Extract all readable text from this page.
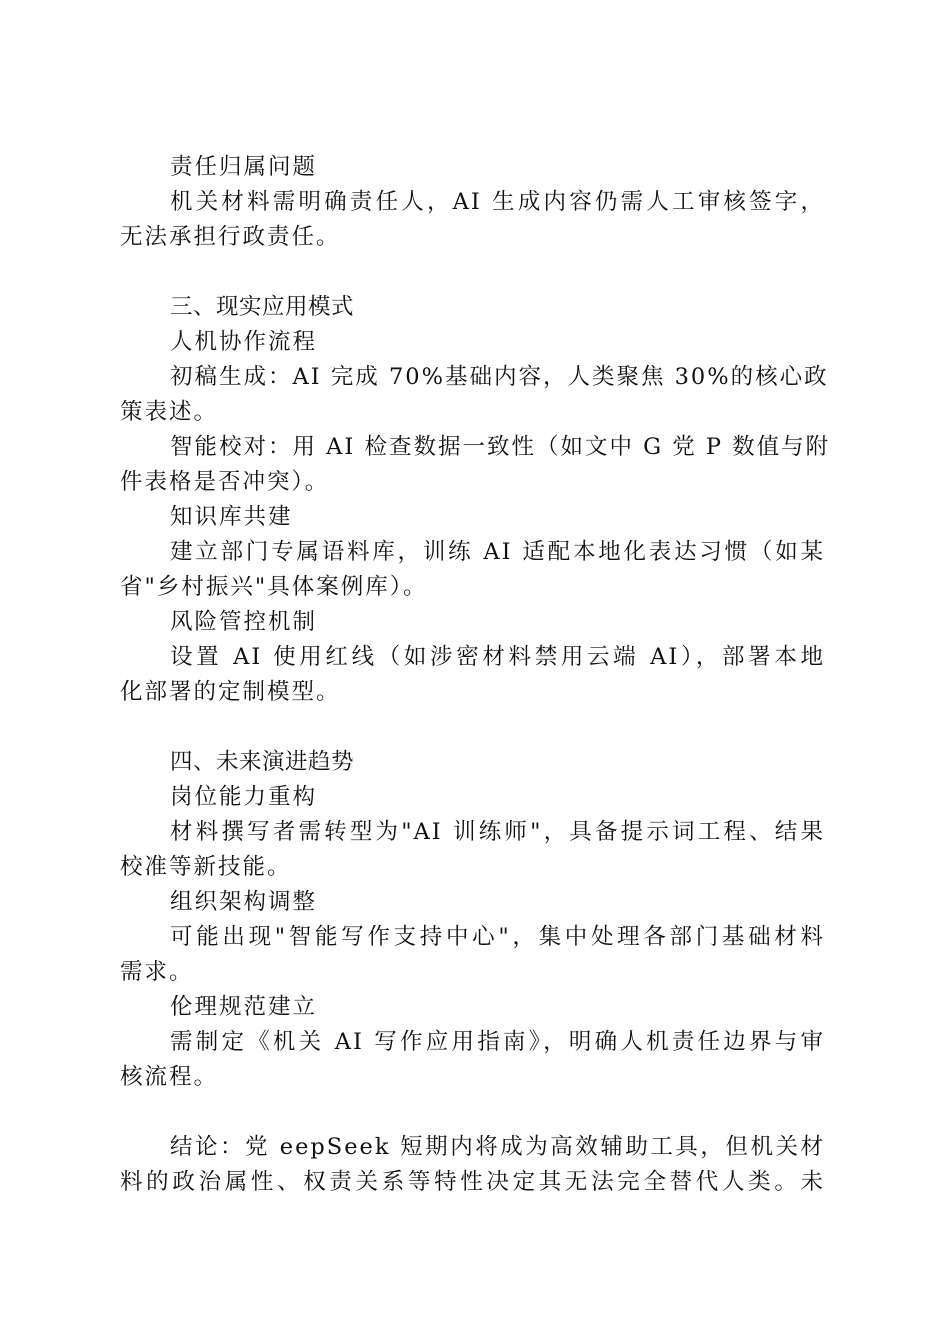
责任归属问题

机关材料需明确责任人，AI 生成内容仍需人工审核签字，

无法承担行政责任。

三、现实应用模式

人机协作流程

初稿生成：AI 完成 70%基础内容，人类聚焦 30%的核心政

策表述。

智能校对：用 AI 检查数据一致性（如文中 G 党 P 数值与附

件表格是否冲突）。

知识库共建

建立部门专属语料库，训练 AI 适配本地化表达习惯（如某

省"乡村振兴"具体案例库）。

风险管控机制

设置 AI 使用红线（如涉密材料禁用云端 AI），部署本地

化部署的定制模型。

四、未来演进趋势

岗位能力重构

材料撰写者需转型为"AI 训练师"，具备提示词工程、结果

校准等新技能。

组织架构调整

可能出现"智能写作支持中心"，集中处理各部门基础材料

需求。

伦理规范建立

需制定《机关 AI 写作应用指南》，明确人机责任边界与审

核流程。

结论：党 eepSeek 短期内将成为高效辅助工具，但机关材

料的政治属性、权责关系等特性决定其无法完全替代人类。未
